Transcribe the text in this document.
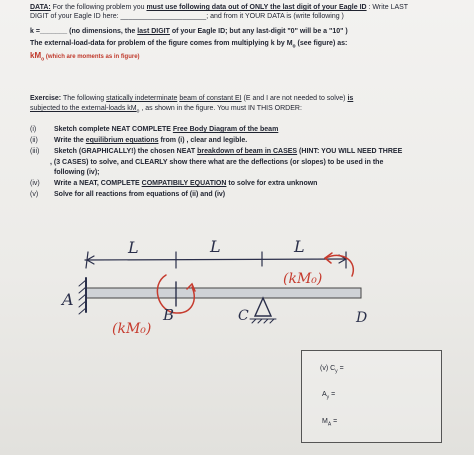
DATA: For the following problem you must use following data out of ONLY the last digit of your Eagle ID : Write LAST
DIGIT of your Eagle ID here: ______________________; and from it YOUR DATA is (write following )
k =_______ (no dimensions, the last DIGIT of your Eagle ID; but any last-digit "0" will be a "10" )
The external-load-data for problem of the figure comes from multiplying k by $M_o$ (see figure) as:
$kM_o$ (which are moments as in figure)
Exercise: The following statically indeterminate beam of constant EI (E and I are not needed to solve) is
subjected to the external-loads $kM_o$ , as shown in the figure. You must IN THIS ORDER:
(i)	Sketch complete NEAT COMPLETE Free Body Diagram of the beam
(ii) Write the equilibrium equations from (i) , clear and legible.
(iii) Sketch (GRAPHICALLY!) the chosen NEAT breakdown of beam in CASES (HINT: YOU WILL NEED THREE
, (3 CASES) to solve, and CLEARLY show there what are the deflections (or slopes) to be used in the
following (iv);
(iv) Write a NEAT, COMPLETE COMPATIBILY EQUATION to solve for extra unknown
(v) Solve for all reactions from equations of (ii) and (iv)
L	L	L
(kM₀)
(kM₀)
A
B	C	D
(v) $C_y$ =
$A_y$ =
$M_A$ =
